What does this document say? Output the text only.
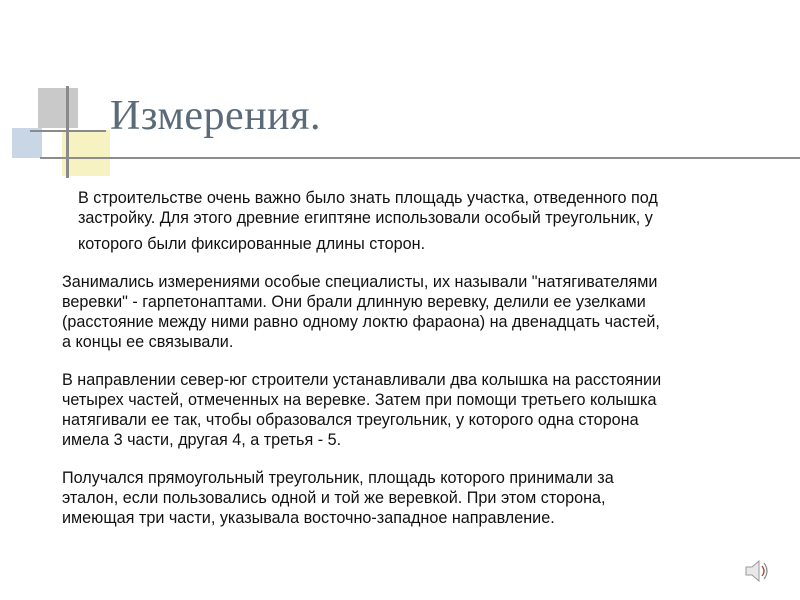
Измерения.

В строительстве очень важно было знать площадь участка, отведенного под
застройку. Для этого древние египтяне использовали особый треугольник, у
которого были фиксированные длины сторон.

Занимались измерениями особые специалисты, их называли "натягивателями
веревки" - гарпетонаптами. Они брали длинную веревку, делили ее узелками
(расстояние между ними равно одному локтю фараона) на двенадцать частей,
а концы ее связывали.

В направлении север-юг строители устанавливали два колышка на расстоянии
четырех частей, отмеченных на веревке. Затем при помощи третьего колышка
натягивали ее так, чтобы образовался треугольник, у которого одна сторона
имела 3 части, другая 4, а третья - 5.

Получался прямоугольный треугольник, площадь которого принимали за
эталон, если пользовались одной и той же веревкой. При этом сторона,
имеющая три части, указывала восточно-западное направление.
